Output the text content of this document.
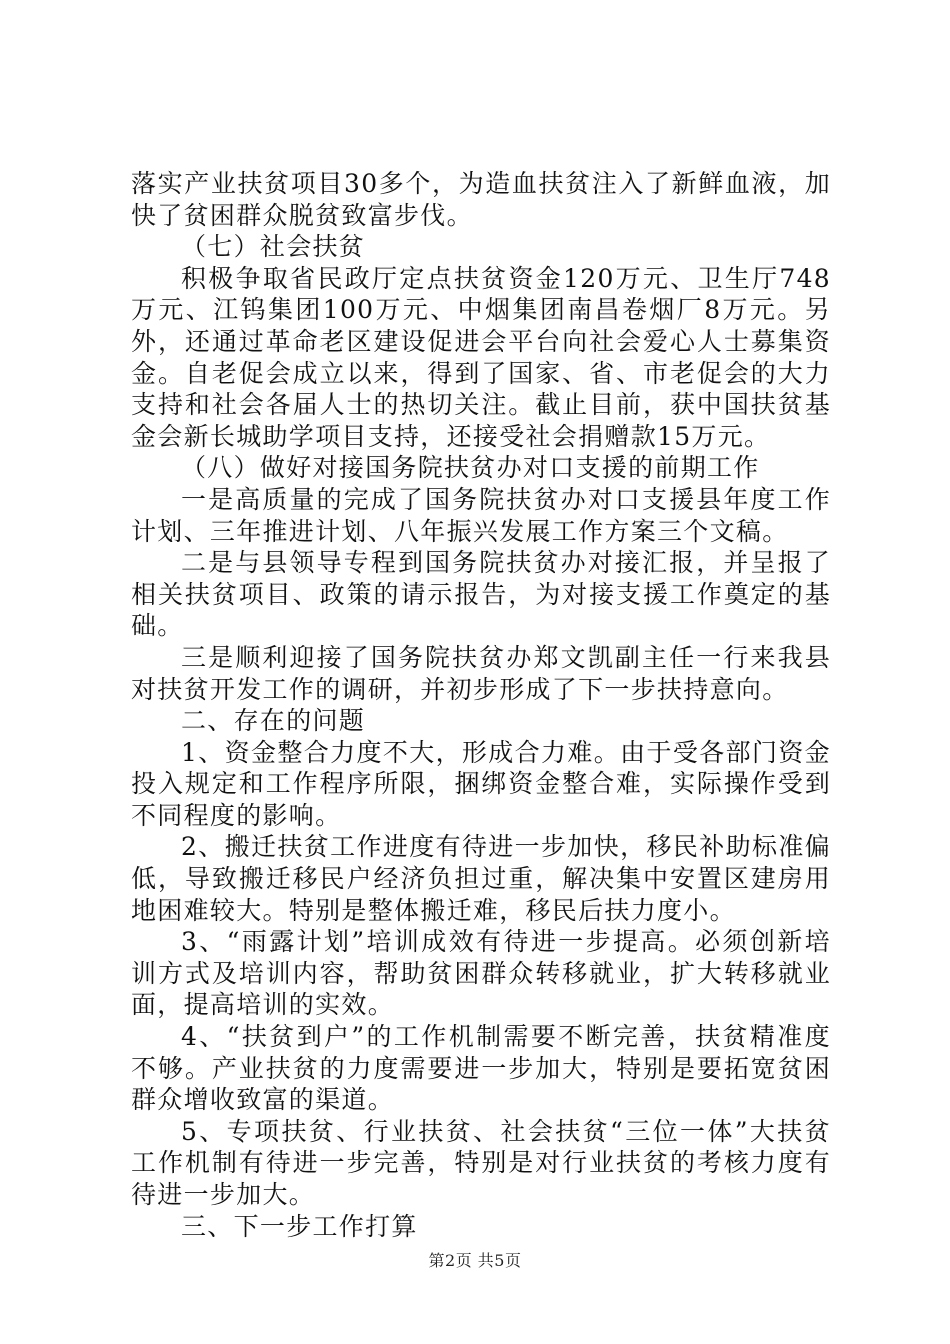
落实产业扶贫项目30多个，为造血扶贫注入了新鲜血液，加快了贫困群众脱贫致富步伐。

（七）社会扶贫

积极争取省民政厅定点扶贫资金120万元、卫生厅748万元、江钨集团100万元、中烟集团南昌卷烟厂8万元。另外，还通过革命老区建设促进会平台向社会爱心人士募集资金。自老促会成立以来，得到了国家、省、市老促会的大力支持和社会各届人士的热切关注。截止目前，获中国扶贫基金会新长城助学项目支持，还接受社会捐赠款15万元。

（八）做好对接国务院扶贫办对口支援的前期工作

一是高质量的完成了国务院扶贫办对口支援县年度工作计划、三年推进计划、八年振兴发展工作方案三个文稿。

二是与县领导专程到国务院扶贫办对接汇报，并呈报了相关扶贫项目、政策的请示报告，为对接支援工作奠定的基础。

三是顺利迎接了国务院扶贫办郑文凯副主任一行来我县对扶贫开发工作的调研，并初步形成了下一步扶持意向。

二、存在的问题

1、资金整合力度不大，形成合力难。由于受各部门资金投入规定和工作程序所限，捆绑资金整合难，实际操作受到不同程度的影响。

2、搬迁扶贫工作进度有待进一步加快，移民补助标准偏低，导致搬迁移民户经济负担过重，解决集中安置区建房用地困难较大。特别是整体搬迁难，移民后扶力度小。

3、“雨露计划”培训成效有待进一步提高。必须创新培训方式及培训内容，帮助贫困群众转移就业，扩大转移就业面，提高培训的实效。

4、“扶贫到户”的工作机制需要不断完善，扶贫精准度不够。产业扶贫的力度需要进一步加大，特别是要拓宽贫困群众增收致富的渠道。

5、专项扶贫、行业扶贫、社会扶贫“三位一体”大扶贫工作机制有待进一步完善，特别是对行业扶贫的考核力度有待进一步加大。

三、下一步工作打算

第2页 共5页
